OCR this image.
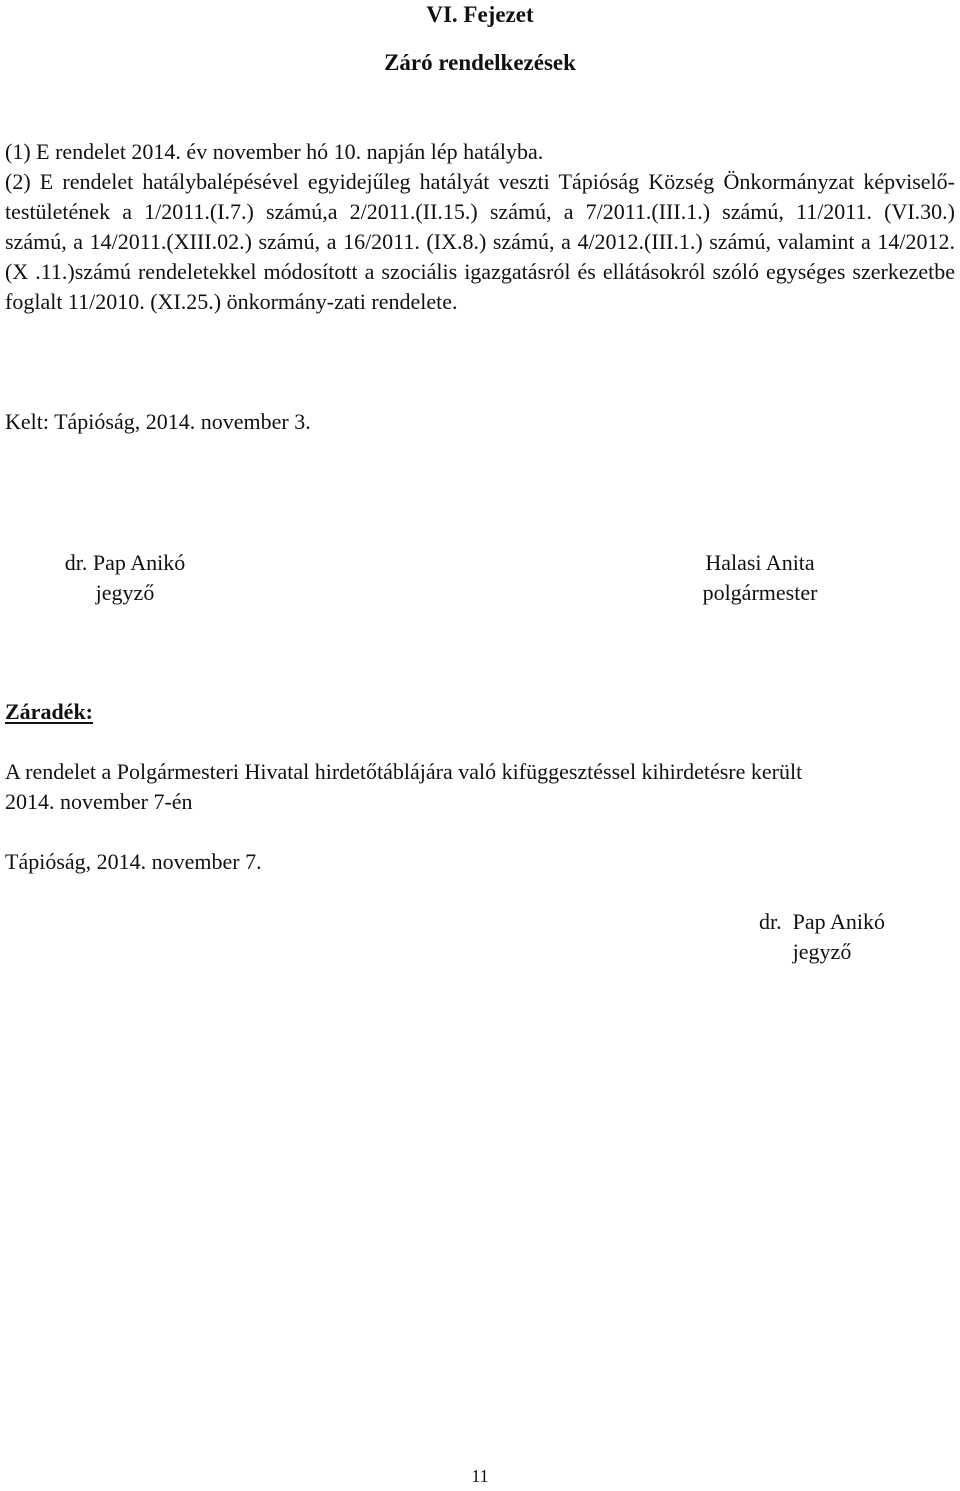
VI. Fejezet
Záró rendelkezések
(1) E rendelet 2014. év november hó 10. napján lép hatályba.
(2) E rendelet hatálybalépésével egyidejűleg hatályát veszti Tápióság Község Önkormányzat képviselő-testületének a 1/2011.(I.7.) számú,a 2/2011.(II.15.) számú, a 7/2011.(III.1.) számú, 11/2011. (VI.30.) számú, a 14/2011.(XIII.02.) számú, a 16/2011. (IX.8.) számú, a 4/2012.(III.1.) számú, valamint a 14/2012.(X .11.)számú rendeletekkel módosított a szociális igazgatásról és ellátásokról szóló egységes szerkezetbe foglalt 11/2010. (XI.25.) önkormány-zati rendelete.
Kelt: Tápióság, 2014. november 3.
dr. Pap Anikó
jegyző
Halasi Anita
polgármester
Záradék:
A rendelet a Polgármesteri Hivatal hirdetőtáblájára való kifüggesztéssel kihirdetésre került
2014. november 7-én
Tápióság, 2014. november 7.
dr.  Pap Anikó
jegyző
11
